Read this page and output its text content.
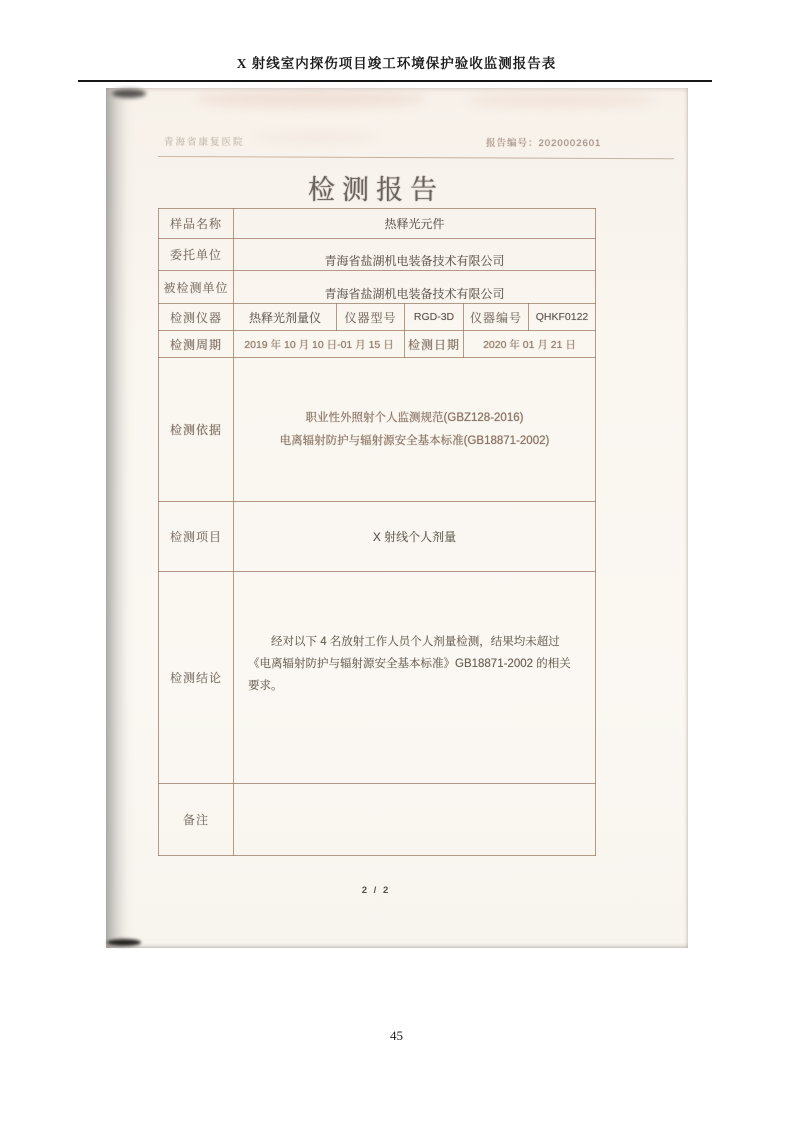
X 射线室内探伤项目竣工环境保护验收监测报告表
青海省康复医院	报告编号：2020002601
检测报告
样品名称	热释光元件				
委托单位	青海省盐湖机电装备技术有限公司				
被检测单位	青海省盐湖机电装备技术有限公司				
检测仪器	热释光剂量仪	仪器型号	RGD-3D	仪器编号	QHKF0122
检测周期	2019 年 10 月 10 日-01 月 15 日		检测日期	2020 年 01 月 21 日	
检测依据	职业性外照射个人监测规范(GBZ128-2016)
电离辐射防护与辐射源安全基本标准(GB18871-2002)				

检测项目	X 射线个人剂量				
检测结论	经对以下 4 名放射工作人员个人剂量检测，结果均未超过《电离辐射防护与辐射源安全基本标准》GB18871-2002 的相关要求。				
备注					
2 / 2
45
